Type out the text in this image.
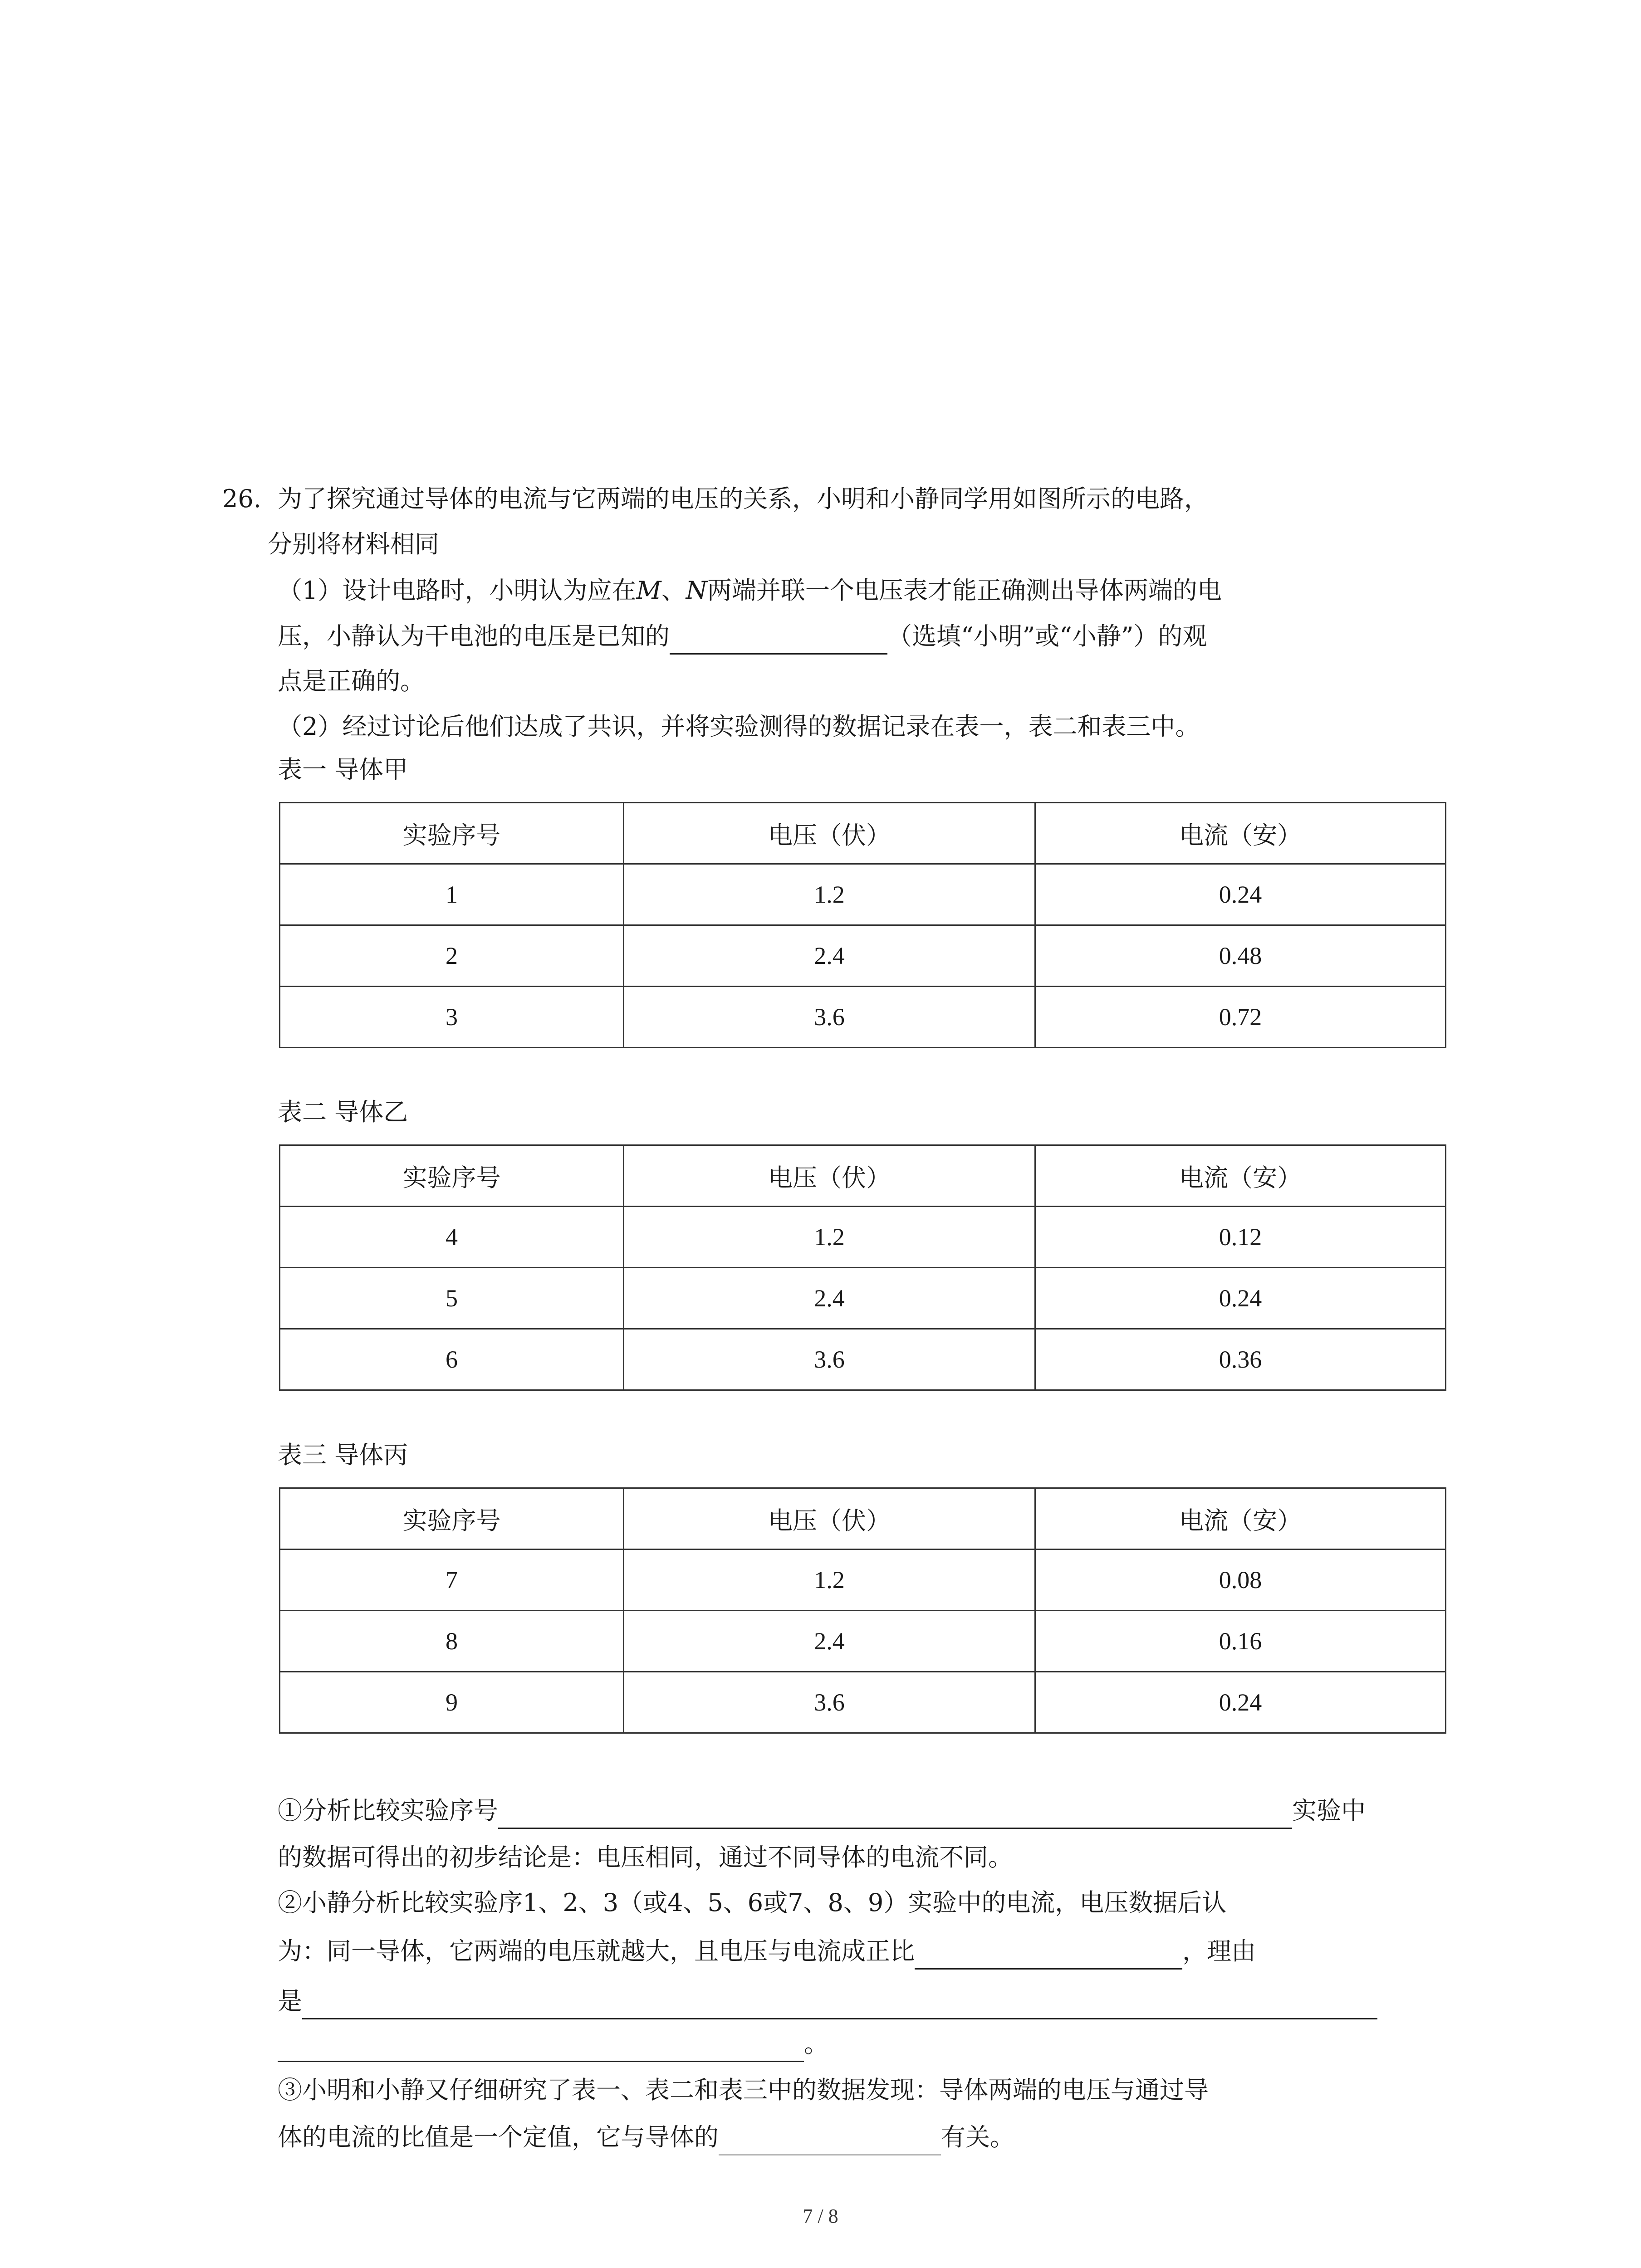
26. 为了探究通过导体的电流与它两端的电压的关系，小明和小静同学用如图所示的电路，
分别将材料相同
（1）设计电路时，小明认为应在M、N两端并联一个电压表才能正确测出导体两端的电
压，小静认为干电池的电压是已知的	（选填“小明”或“小静”）的观
点是正确的。
（2）经过讨论后他们达成了共识，并将实验测得的数据记录在表一，表二和表三中。
表一 导体甲
实验序号	电压（伏）	电流（安）
1	1.2	0.24
2	2.4	0.48
3	3.6	0.72
表二 导体乙
实验序号	电压（伏）	电流（安）
4	1.2	0.12
5	2.4	0.24
6	3.6	0.36
表三 导体丙
实验序号	电压（伏）	电流（安）
7	1.2	0.08
8	2.4	0.16
9	3.6	0.24
①分析比较实验序号	实验中
的数据可得出的初步结论是：电压相同，通过不同导体的电流不同。
②小静分析比较实验序1、2、3（或4、5、6或7、8、9）实验中的电流，电压数据后认
为：同一导体，它两端的电压就越大，且电压与电流成正比	，理由
是
。
③小明和小静又仔细研究了表一、表二和表三中的数据发现：导体两端的电压与通过导
体的电流的比值是一个定值，它与导体的	有关。
7 / 8
